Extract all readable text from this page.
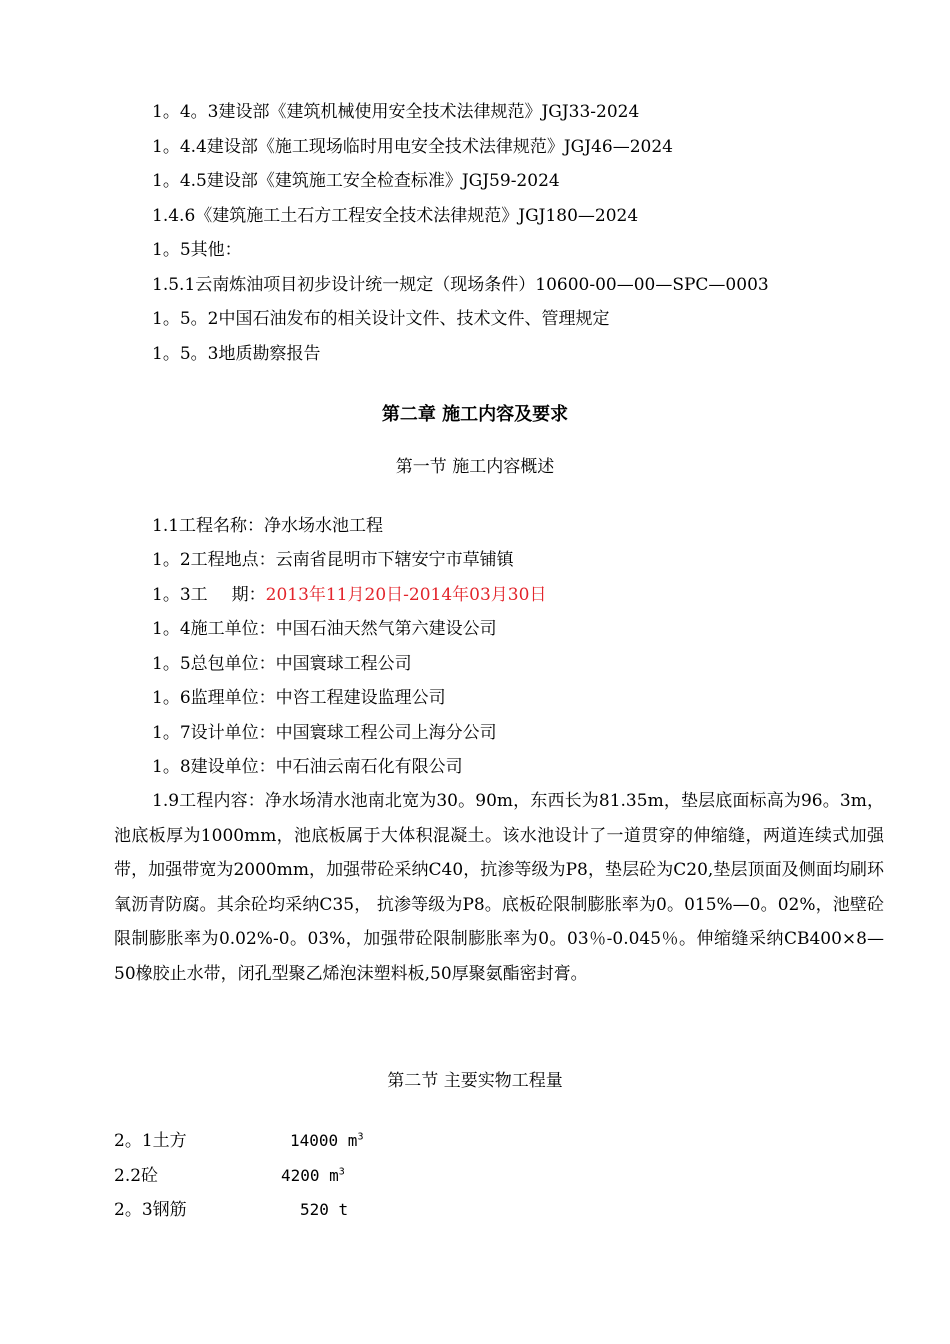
1。4。3建设部《建筑机械使用安全技术法律规范》JGJ33-2024
1。4.4建设部《施工现场临时用电安全技术法律规范》JGJ46—2024
1。4.5建设部《建筑施工安全检查标准》JGJ59-2024
1.4.6《建筑施工土石方工程安全技术法律规范》JGJ180—2024
1。5其他：
1.5.1云南炼油项目初步设计统一规定（现场条件）10600-00—00—SPC—0003
1。5。2中国石油发布的相关设计文件、技术文件、管理规定
1。5。3地质勘察报告
第二章 施工内容及要求
第一节 施工内容概述
1.1工程名称：净水场水池工程
1。2工程地点：云南省昆明市下辖安宁市草铺镇
1。3工 期：2013年11月20日-2014年03月30日
1。4施工单位：中国石油天然气第六建设公司
1。5总包单位：中国寰球工程公司
1。6监理单位：中咨工程建设监理公司
1。7设计单位：中国寰球工程公司上海分公司
1。8建设单位：中石油云南石化有限公司
1.9工程内容：净水场清水池南北宽为30。90m，东西长为81.35m，垫层底面标高为96。3m，池底板厚为1000mm，池底板属于大体积混凝土。该水池设计了一道贯穿的伸缩缝，两道连续式加强带，加强带宽为2000mm，加强带砼采纳C40，抗渗等级为P8，垫层砼为C20,垫层顶面及侧面均刷环氧沥青防腐。其余砼均采纳C35， 抗渗等级为P8。底板砼限制膨胀率为0。015%—0。02%，池壁砼限制膨胀率为0.02%-0。03%，加强带砼限制膨胀率为0。03％-0.045％。伸缩缝采纳CB400×8—50橡胶止水带，闭孔型聚乙烯泡沫塑料板,50厚聚氨酯密封膏。
第二节 主要实物工程量
2。1土方	14000 $m^3$
2.2砼	4200 $m^3$
2。3钢筋	520 t
